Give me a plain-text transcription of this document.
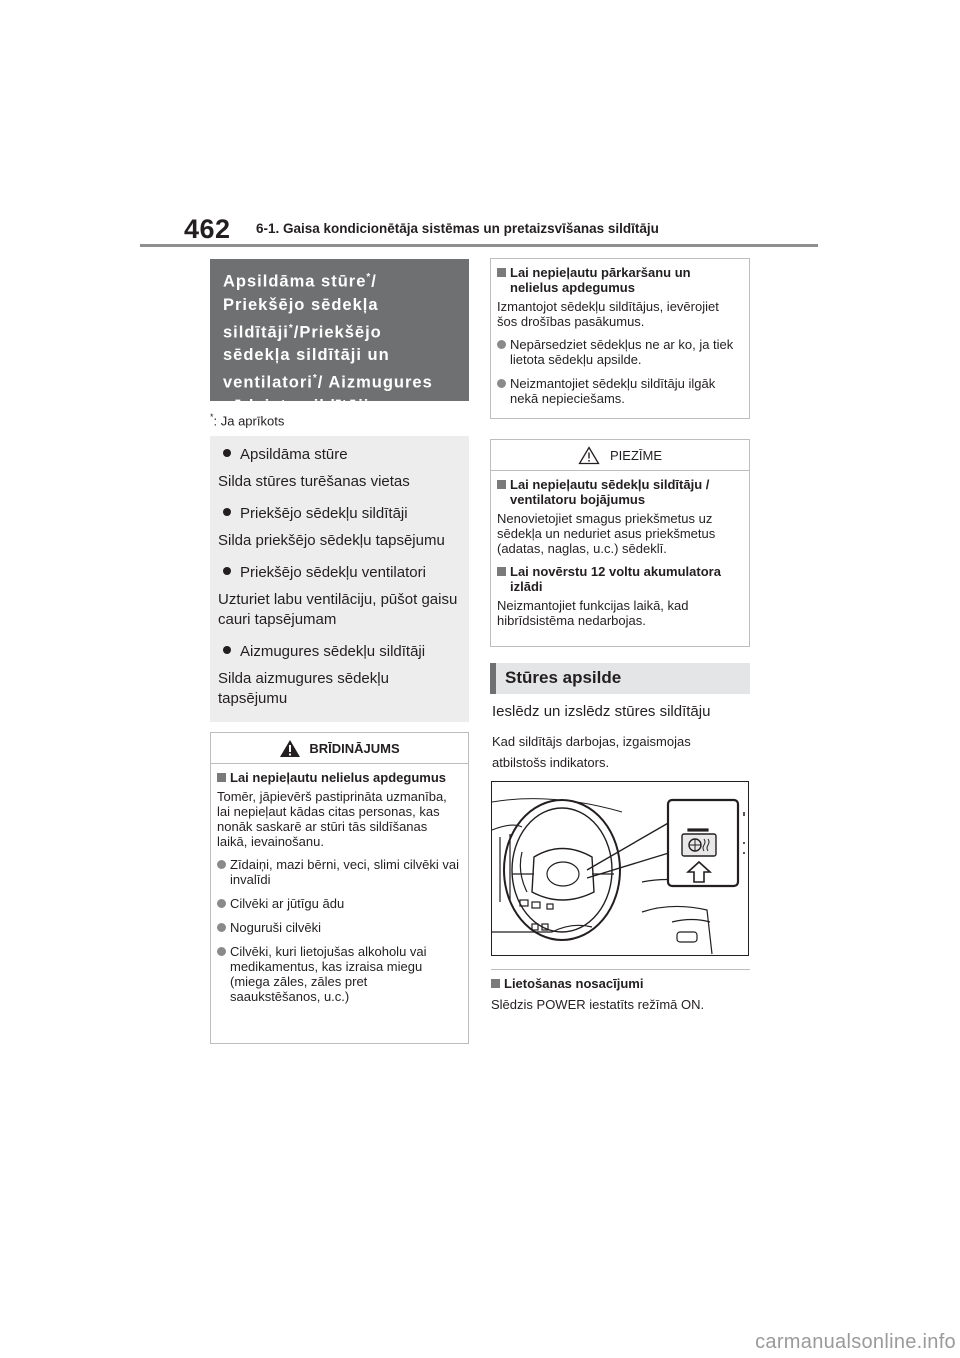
462 6-1. Gaisa kondicionētāja sistēmas un pretaizsvīšanas sildītāju
Apsildāma stūre*/
Priekšējo sēdekļa
sildītāji*/Priekšējo
sēdekļa sildītāji un
ventilatori*/ Aizmugures
sēdvietu sildītāji
*: Ja aprīkots
Apsildāma stūre
Silda stūres turēšanas vietas
Priekšējo sēdekļu sildītāji
Silda priekšējo sēdekļu tapsējumu
Priekšējo sēdekļu ventilatori
Uzturiet labu ventilāciju, pūšot gaisu cauri tapsējumam
Aizmugures sēdekļu sildītāji
Silda aizmugures sēdekļu tapsējumu
BRĪDINĀJUMS
Lai nepieļautu nelielus apdegumus
Tomēr, jāpievērš pastiprināta uzmanība, lai nepieļaut kādas citas personas, kas nonāk saskarē ar stūri tās sildīšanas laikā, ievainošanu.
Zīdaiņi, mazi bērni, veci, slimi cilvēki vai invalīdi
Cilvēki ar jūtīgu ādu
Noguruši cilvēki
Cilvēki, kuri lietojušas alkoholu vai medikamentus, kas izraisa miegu (miega zāles, zāles pret saaukstēšanos, u.c.)
Lai nepieļautu pārkaršanu un nelielus apdegumus
Izmantojot sēdekļu sildītājus, ievērojiet šos drošības pasākumus.
Nepārsedziet sēdekļus ne ar ko, ja tiek lietota sēdekļu apsilde.
Neizmantojiet sēdekļu sildītāju ilgāk nekā nepieciešams.
PIEZĪME
Lai nepieļautu sēdekļu sildītāju / ventilatoru bojājumus
Nenovietojiet smagus priekšmetus uz sēdekļa un neduriet asus priekšmetus (adatas, naglas, u.c.) sēdeklī.
Lai novērstu 12 voltu akumulatora izlādi
Neizmantojiet funkcijas laikā, kad hibrīdsistēma nedarbojas.
Stūres apsilde
Ieslēdz un izslēdz stūres sildītāju
Kad sildītājs darbojas, izgaismojas atbilstošs indikators.
Lietošanas nosacījumi
Slēdzis POWER iestatīts režīmā ON.
carmanualsonline.info
